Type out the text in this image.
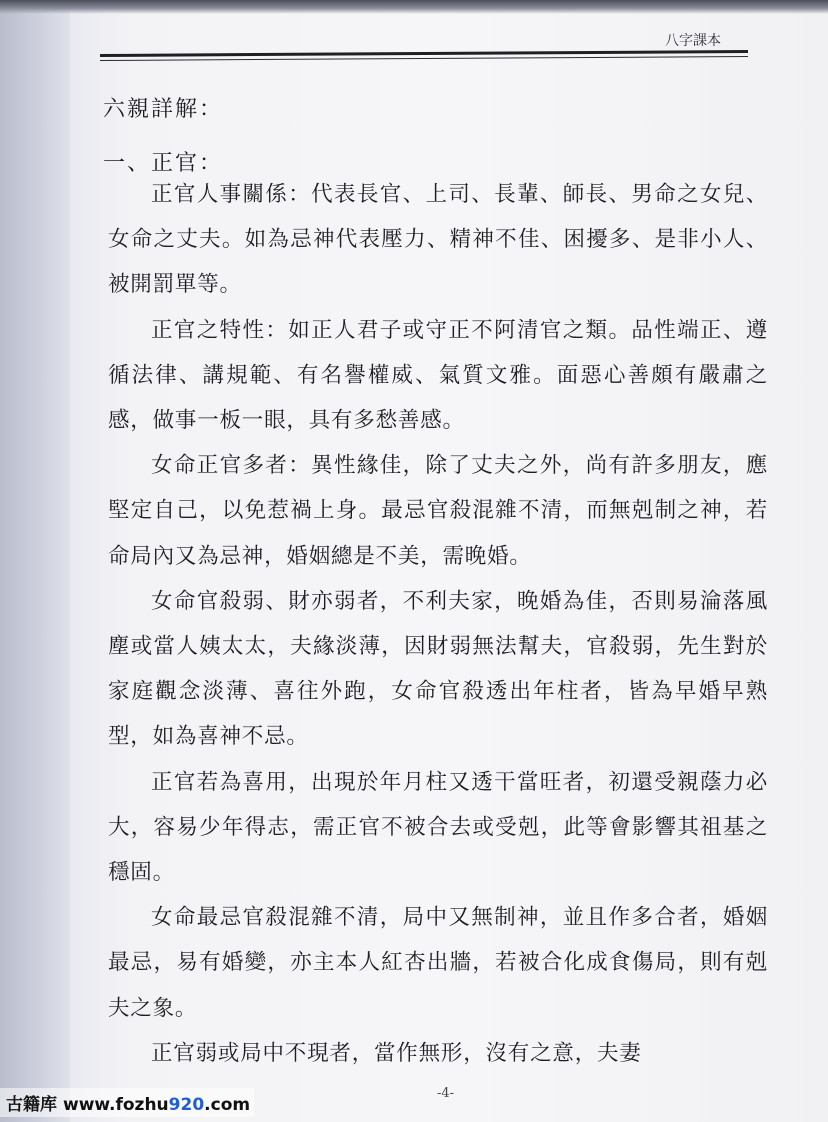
八字課本
六親詳解：
一、正官：

正官人事關係：代表長官、上司、長輩、師長、男命之女兒、女命之丈夫。如為忌神代表壓力、精神不佳、困擾多、是非小人、被開罰單等。

正官之特性：如正人君子或守正不阿清官之類。品性端正、遵循法律、講規範、有名譽權威、氣質文雅。面惡心善頗有嚴肅之感，做事一板一眼，具有多愁善感。

女命正官多者：異性緣佳，除了丈夫之外，尚有許多朋友，應堅定自己，以免惹禍上身。最忌官殺混雜不清，而無剋制之神，若命局內又為忌神，婚姻總是不美，需晚婚。

女命官殺弱、財亦弱者，不利夫家，晚婚為佳，否則易淪落風塵或當人姨太太，夫緣淡薄，因財弱無法幫夫，官殺弱，先生對於家庭觀念淡薄、喜往外跑，女命官殺透出年柱者，皆為早婚早熟型，如為喜神不忌。

正官若為喜用，出現於年月柱又透干當旺者，初還受親蔭力必大，容易少年得志，需正官不被合去或受剋，此等會影響其祖基之穩固。

女命最忌官殺混雜不清，局中又無制神，並且作多合者，婚姻最忌，易有婚變，亦主本人紅杏出牆，若被合化成食傷局，則有剋夫之象。

正官弱或局中不現者，當作無形，沒有之意，夫妻

-4-
古籍库 www.fozhu920.com
